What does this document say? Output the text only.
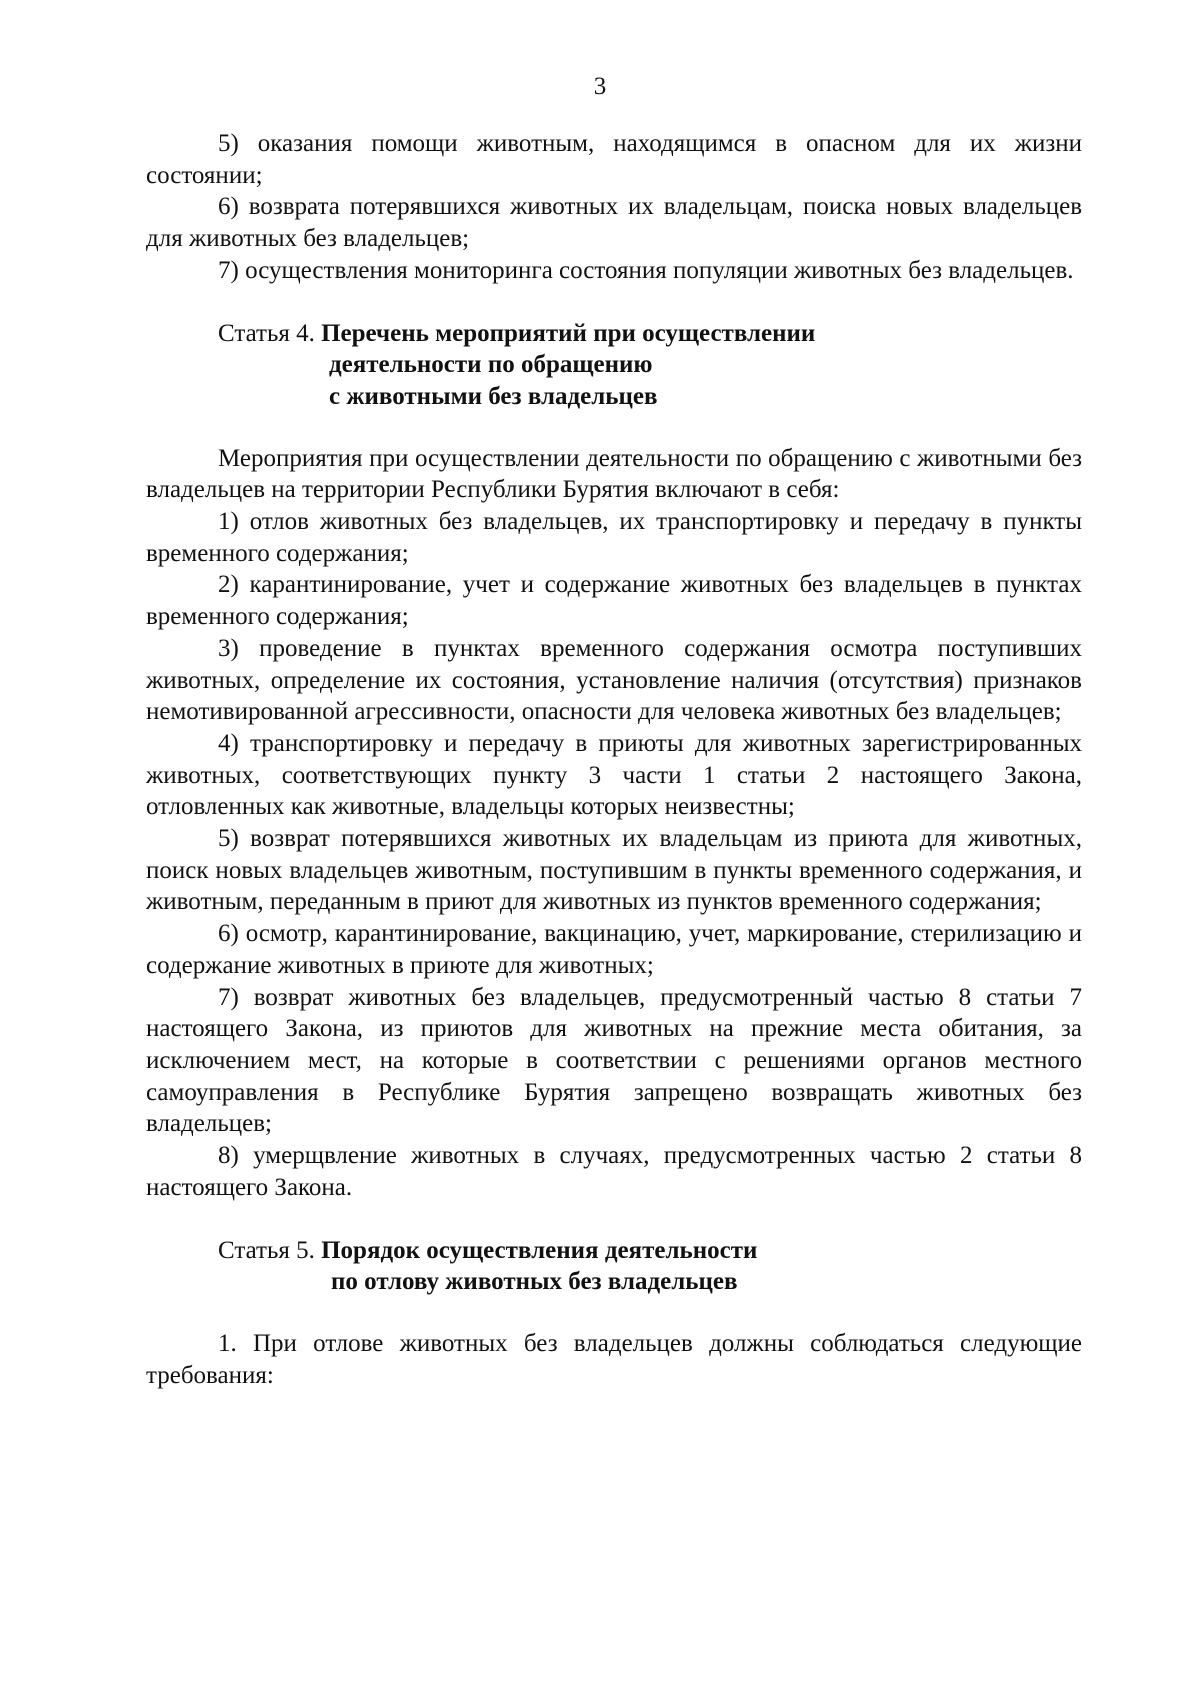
3

5) оказания помощи животным, находящимся в опасном для их жизни состоянии;

6) возврата потерявшихся животных их владельцам, поиска новых владельцев для животных без владельцев;

7) осуществления мониторинга состояния популяции животных без владельцев.

Статья 4. Перечень мероприятий при осуществлении
деятельности по обращению
с животными без владельцев

Мероприятия при осуществлении деятельности по обращению с животными без владельцев на территории Республики Бурятия включают в себя:

1) отлов животных без владельцев, их транспортировку и передачу в пункты временного содержания;

2) карантинирование, учет и содержание животных без владельцев в пунктах временного содержания;

3) проведение в пунктах временного содержания осмотра поступивших животных, определение их состояния, установление наличия (отсутствия) признаков немотивированной агрессивности, опасности для человека животных без владельцев;

4) транспортировку и передачу в приюты для животных зарегистрированных животных, соответствующих пункту 3 части 1 статьи 2 настоящего Закона, отловленных как животные, владельцы которых неизвестны;

5) возврат потерявшихся животных их владельцам из приюта для животных, поиск новых владельцев животным, поступившим в пункты временного содержания, и животным, переданным в приют для животных из пунктов временного содержания;

6) осмотр, карантинирование, вакцинацию, учет, маркирование, стерилизацию и содержание животных в приюте для животных;

7) возврат животных без владельцев, предусмотренный частью 8 статьи 7 настоящего Закона, из приютов для животных на прежние места обитания, за исключением мест, на которые в соответствии с решениями органов местного самоуправления в Республике Бурятия запрещено возвращать животных без владельцев;

8) умерщвление животных в случаях, предусмотренных частью 2 статьи 8 настоящего Закона.

Статья 5. Порядок осуществления деятельности
по отлову животных без владельцев

1. При отлове животных без владельцев должны соблюдаться следующие требования:
